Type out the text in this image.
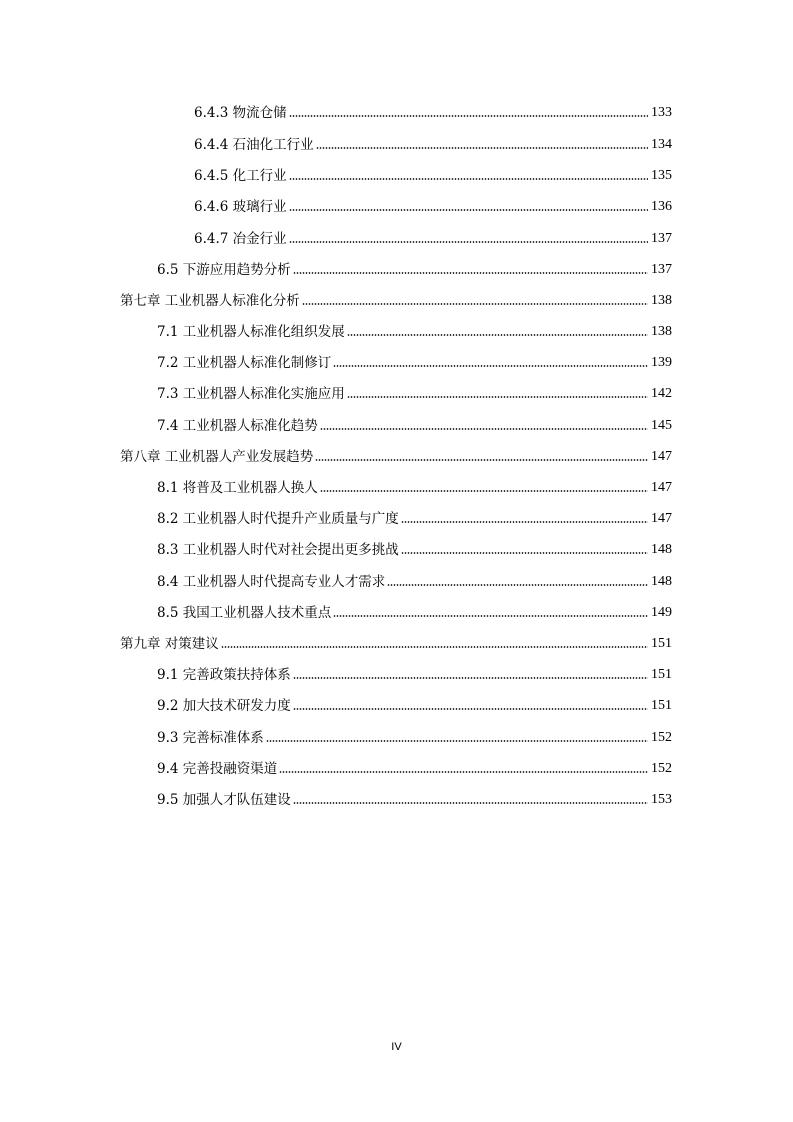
6.4.3 物流仓储	133
6.4.4 石油化工行业	134
6.4.5 化工行业	135
6.4.6 玻璃行业	136
6.4.7 冶金行业	137
6.5 下游应用趋势分析	137
第七章 工业机器人标准化分析	138
7.1 工业机器人标准化组织发展	138
7.2 工业机器人标准化制修订	139
7.3 工业机器人标准化实施应用	142
7.4 工业机器人标准化趋势	145
第八章 工业机器人产业发展趋势	147
8.1 将普及工业机器人换人	147
8.2 工业机器人时代提升产业质量与广度	147
8.3 工业机器人时代对社会提出更多挑战	148
8.4 工业机器人时代提高专业人才需求	148
8.5 我国工业机器人技术重点	149
第九章 对策建议	151
9.1 完善政策扶持体系	151
9.2 加大技术研发力度	151
9.3 完善标准体系	152
9.4 完善投融资渠道	152
9.5 加强人才队伍建设	153
IV
